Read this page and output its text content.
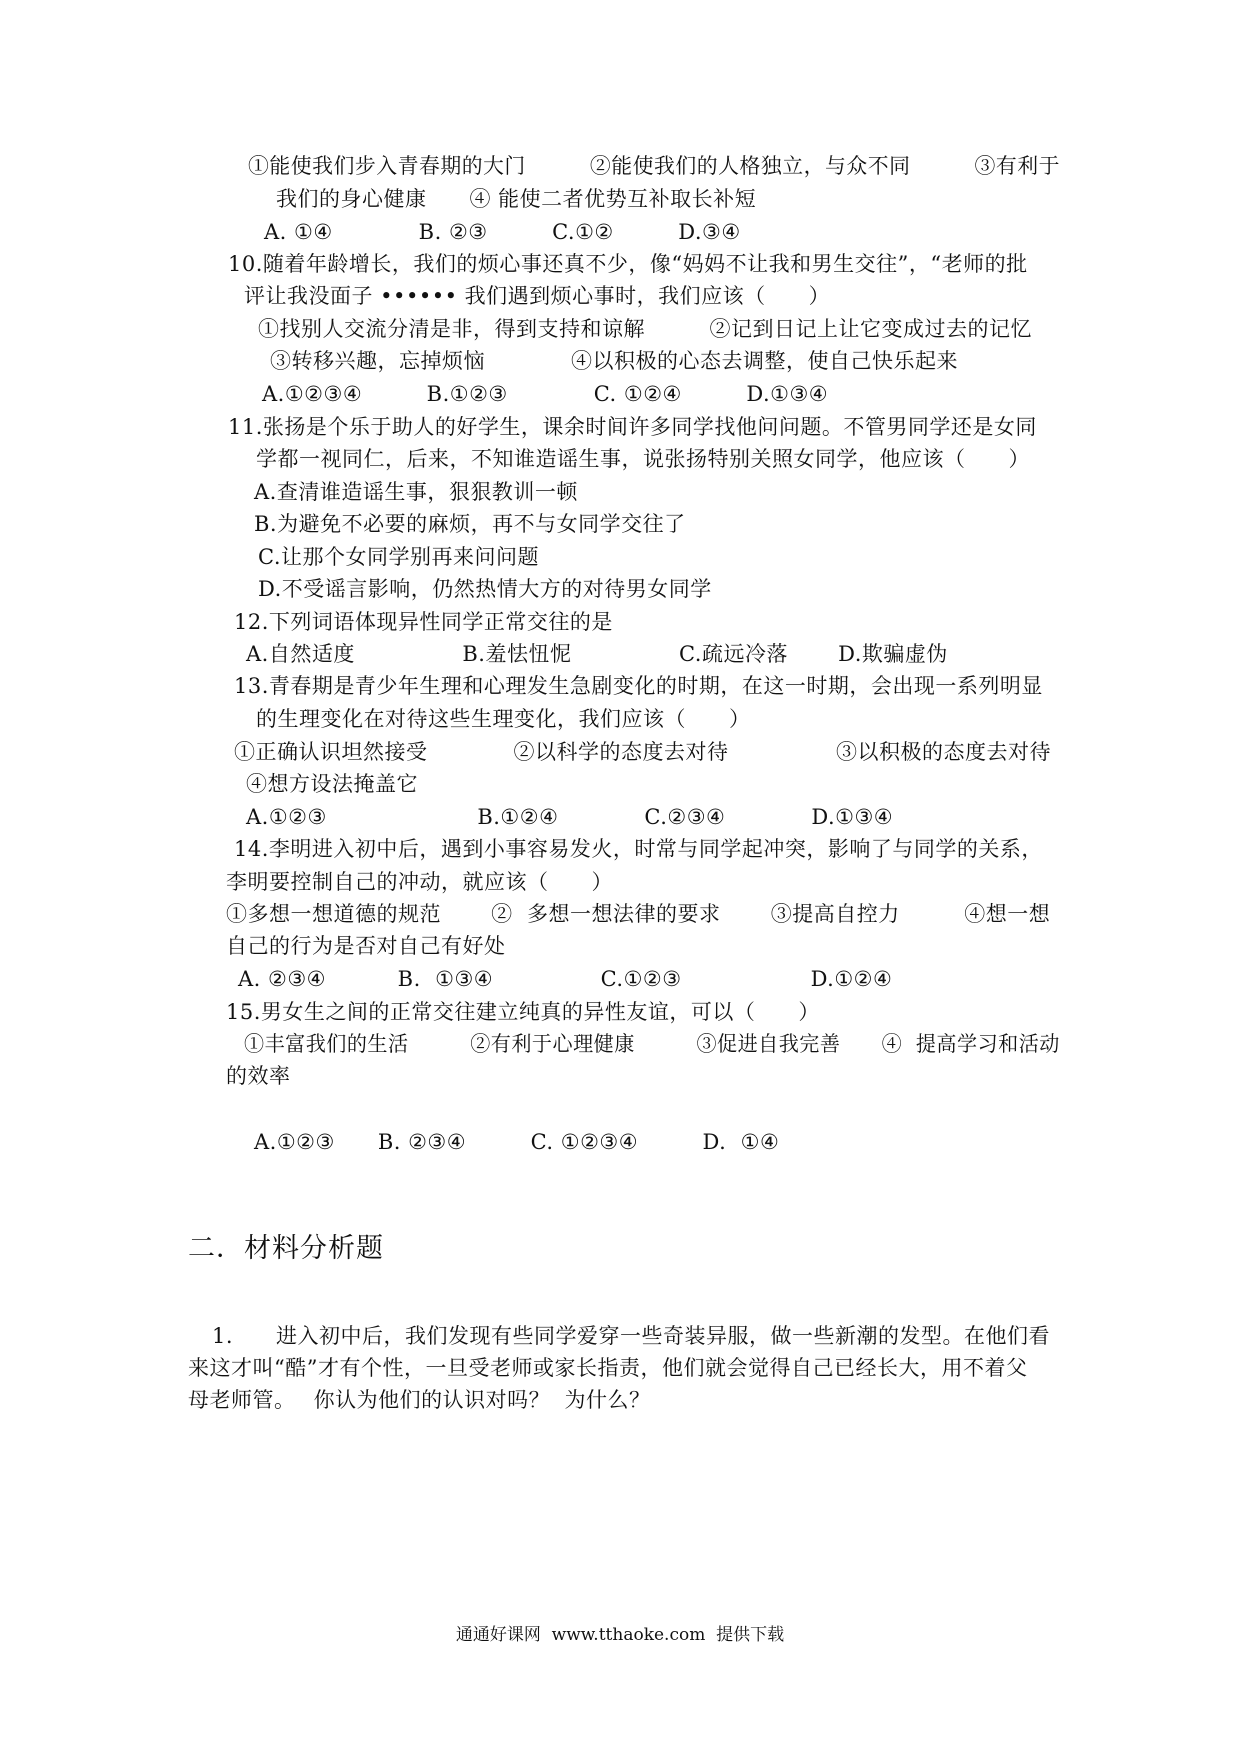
①能使我们步入青春期的大门　　　②能使我们的人格独立，与众不同　　　③有利于
我们的身心健康　　④ 能使二者优势互补取长补短
A. ①④　　　　B. ②③　　　C.①②　　　D.③④
10.随着年龄增长，我们的烦心事还真不少，像“妈妈不让我和男生交往”，“老师的批
评让我没面子 •••••• 我们遇到烦心事时，我们应该（　　）
①找别人交流分清是非，得到支持和谅解　　　②记到日记上让它变成过去的记忆
③转移兴趣，忘掉烦恼　　　　④以积极的心态去调整，使自己快乐起来
A.①②③④　　　B.①②③　　　　C. ①②④　　　D.①③④
11.张扬是个乐于助人的好学生，课余时间许多同学找他问问题。不管男同学还是女同
学都一视同仁，后来，不知谁造谣生事，说张扬特别关照女同学，他应该（　　）
A.查清谁造谣生事，狠狠教训一顿
B.为避免不必要的麻烦，再不与女同学交往了
C.让那个女同学别再来问问题
D.不受谣言影响，仍然热情大方的对待男女同学
12.下列词语体现异性同学正常交往的是
A.自然适度　　　　　B.羞怯忸怩　　　　　C.疏远冷落　　 D.欺骗虚伪
13.青春期是青少年生理和心理发生急剧变化的时期，在这一时期，会出现一系列明显
的生理变化在对待这些生理变化，我们应该（　　）
①正确认识坦然接受　　　　②以科学的态度去对待　　　　　③以积极的态度去对待
④想方设法掩盖它
A.①②③　　　　　　　B.①②④　　　　C.②③④　　　　D.①③④
14.李明进入初中后，遇到小事容易发火，时常与同学起冲突，影响了与同学的关系，
李明要控制自己的冲动，就应该（　　）
①多想一想道德的规范　　 ②  多想一想法律的要求　　 ③提高自控力　　　④想一想
自己的行为是否对自己有好处
A. ②③④　　　 B.  ①③④　　　　　C.①②③　　　　　　D.①②④
15.男女生之间的正常交往建立纯真的异性友谊，可以（　　）
①丰富我们的生活　　　②有利于心理健康　　　③促进自我完善　　④  提高学习和活动
的效率
A.①②③　　B. ②③④　　　C. ①②③④　　　D.  ①④
二．材料分析题
1.　　进入初中后，我们发现有些同学爱穿一些奇装异服，做一些新潮的发型。在他们看
来这才叫“酷”才有个性，一旦受老师或家长指责，他们就会觉得自己已经长大，用不着父
母老师管。　 你认为他们的认识对吗？  为什么？
通通好课网  www.tthaoke.com  提供下载
